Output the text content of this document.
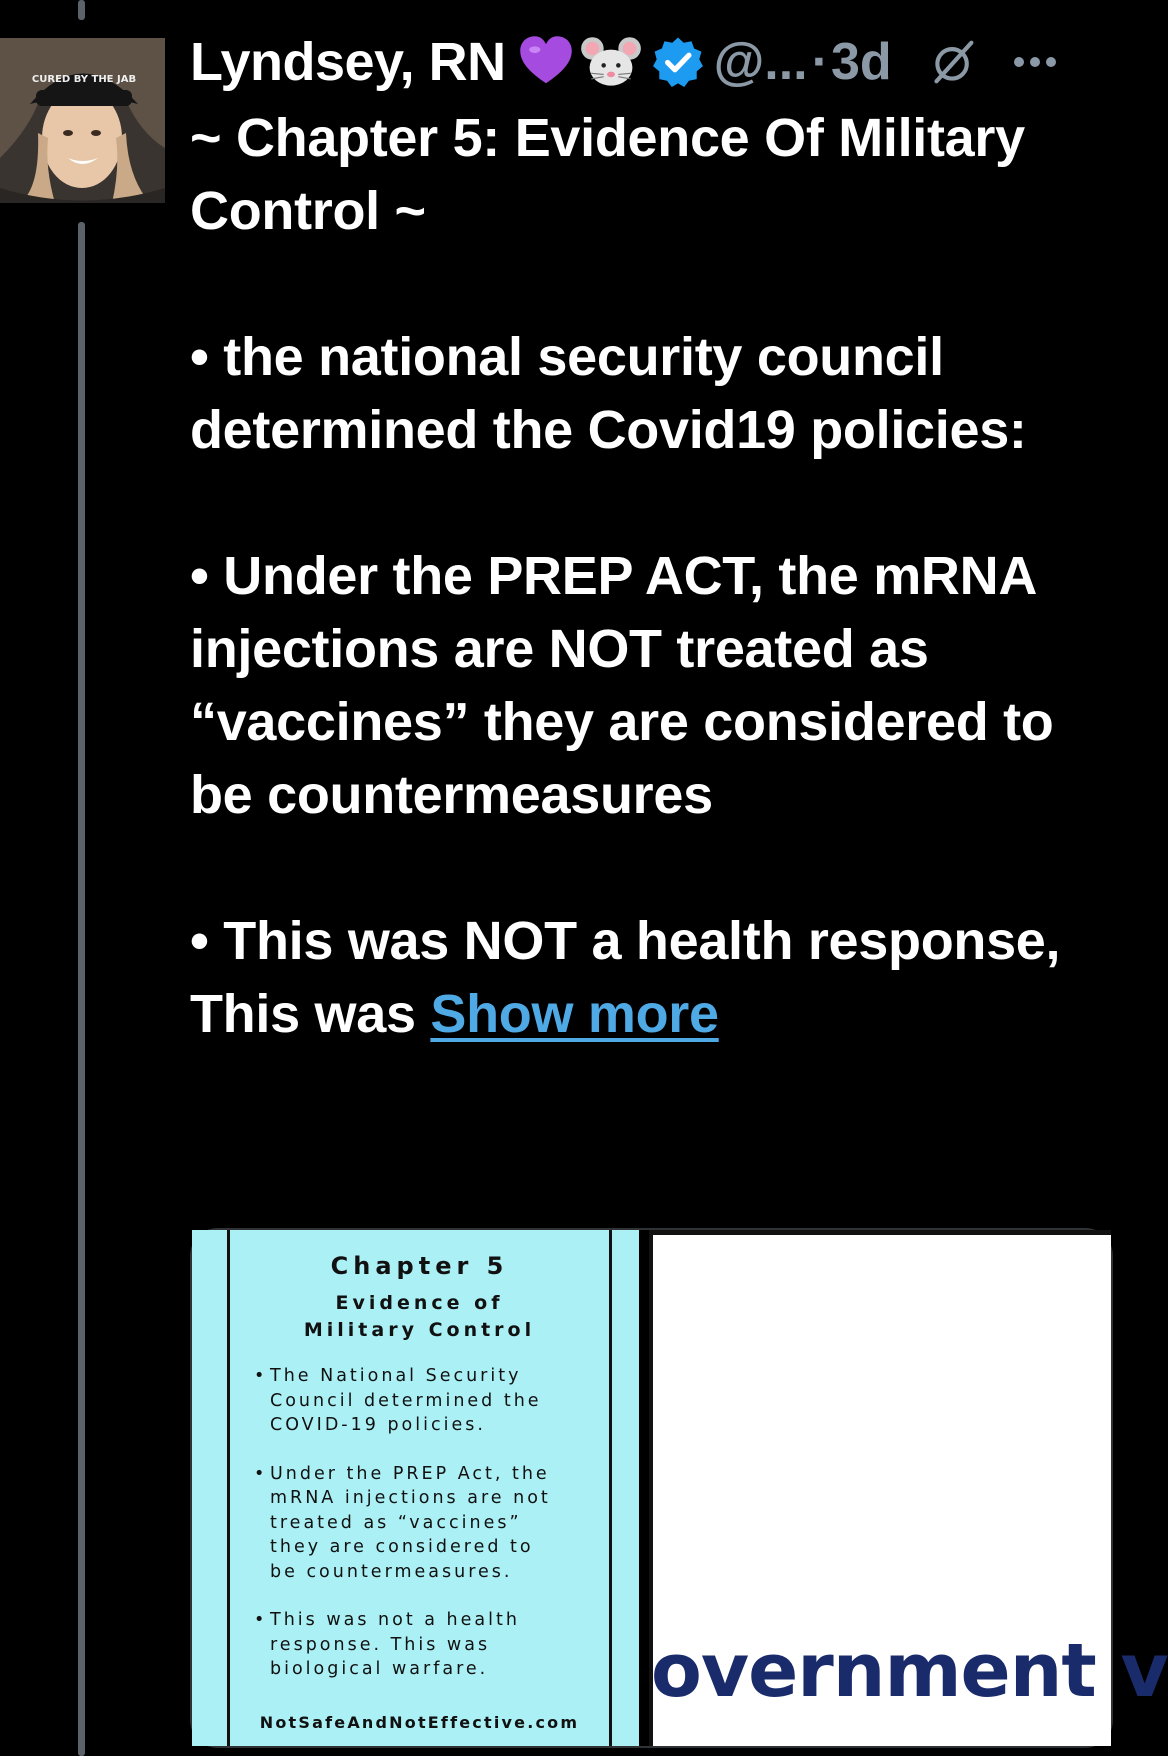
CURED BY THE JAB Lyndsey, RN	@... · 3d

~ Chapter 5: Evidence Of Military Control ~

• the national security council determined the Covid19 policies:

• Under the PREP ACT, the mRNA injections are NOT treated as “vaccines” they are considered to be countermeasures

• This was NOT a health response, This was Show more

Chapter 5
Evidence of
Military Control
• The National Security
Council determined the
COVID-19 policies.
• Under the PREP Act, the
mRNA injections are not
treated as “vaccines”
they are considered to
be countermeasures.
• This was not a health
response. This was
biological warfare.
NotSafeAndNotEffective.com
overnment v
